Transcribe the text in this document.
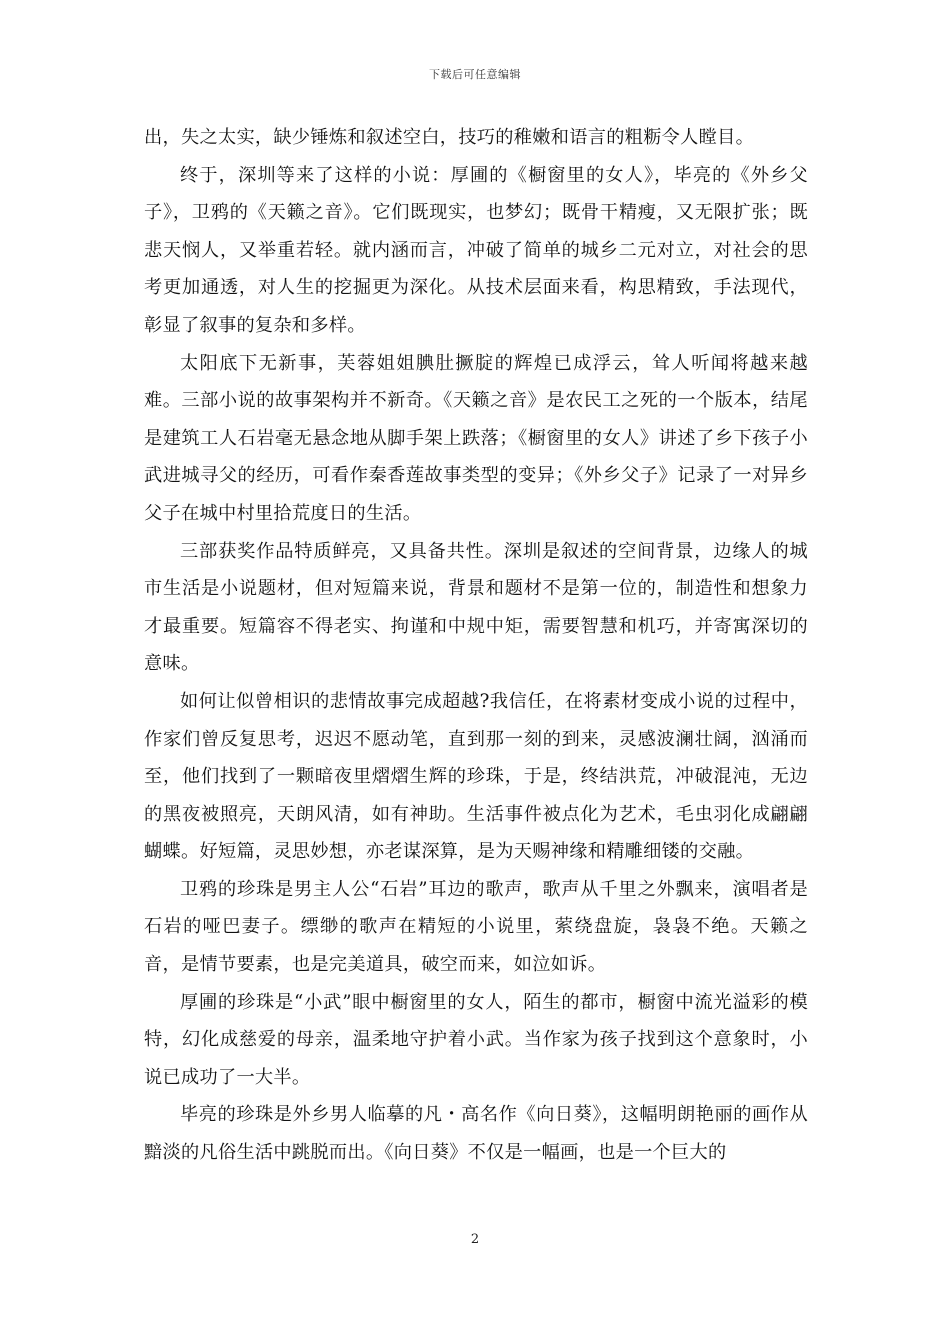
下载后可任意编辑

出，失之太实，缺少锤炼和叙述空白，技巧的稚嫩和语言的粗粝令人瞠目。

终于，深圳等来了这样的小说：厚圃的《橱窗里的女人》，毕亮的《外乡父子》，卫鸦的《天籁之音》。它们既现实，也梦幻；既骨干精瘦，又无限扩张；既悲天悯人，又举重若轻。就内涵而言，冲破了简单的城乡二元对立，对社会的思考更加通透，对人生的挖掘更为深化。从技术层面来看，构思精致，手法现代，彰显了叙事的复杂和多样。

太阳底下无新事，芙蓉姐姐腆肚撅腚的辉煌已成浮云，耸人听闻将越来越难。三部小说的故事架构并不新奇。《天籁之音》是农民工之死的一个版本，结尾是建筑工人石岩毫无悬念地从脚手架上跌落；《橱窗里的女人》讲述了乡下孩子小武进城寻父的经历，可看作秦香莲故事类型的变异；《外乡父子》记录了一对异乡父子在城中村里拾荒度日的生活。

三部获奖作品特质鲜亮，又具备共性。深圳是叙述的空间背景，边缘人的城市生活是小说题材，但对短篇来说，背景和题材不是第一位的，制造性和想象力才最重要。短篇容不得老实、拘谨和中规中矩，需要智慧和机巧，并寄寓深切的意味。

如何让似曾相识的悲情故事完成超越?我信任，在将素材变成小说的过程中，作家们曾反复思考，迟迟不愿动笔，直到那一刻的到来，灵感波澜壮阔，汹涌而至，他们找到了一颗暗夜里熠熠生辉的珍珠，于是，终结洪荒，冲破混沌，无边的黑夜被照亮，天朗风清，如有神助。生活事件被点化为艺术，毛虫羽化成翩翩蝴蝶。好短篇，灵思妙想，亦老谋深算，是为天赐神缘和精雕细镂的交融。

卫鸦的珍珠是男主人公“石岩”耳边的歌声，歌声从千里之外飘来，演唱者是石岩的哑巴妻子。缥缈的歌声在精短的小说里，萦绕盘旋，袅袅不绝。天籁之音，是情节要素，也是完美道具，破空而来，如泣如诉。

厚圃的珍珠是“小武”眼中橱窗里的女人，陌生的都市，橱窗中流光溢彩的模特，幻化成慈爱的母亲，温柔地守护着小武。当作家为孩子找到这个意象时，小说已成功了一大半。

毕亮的珍珠是外乡男人临摹的凡・高名作《向日葵》，这幅明朗艳丽的画作从黯淡的凡俗生活中跳脱而出。《向日葵》不仅是一幅画，也是一个巨大的

2
